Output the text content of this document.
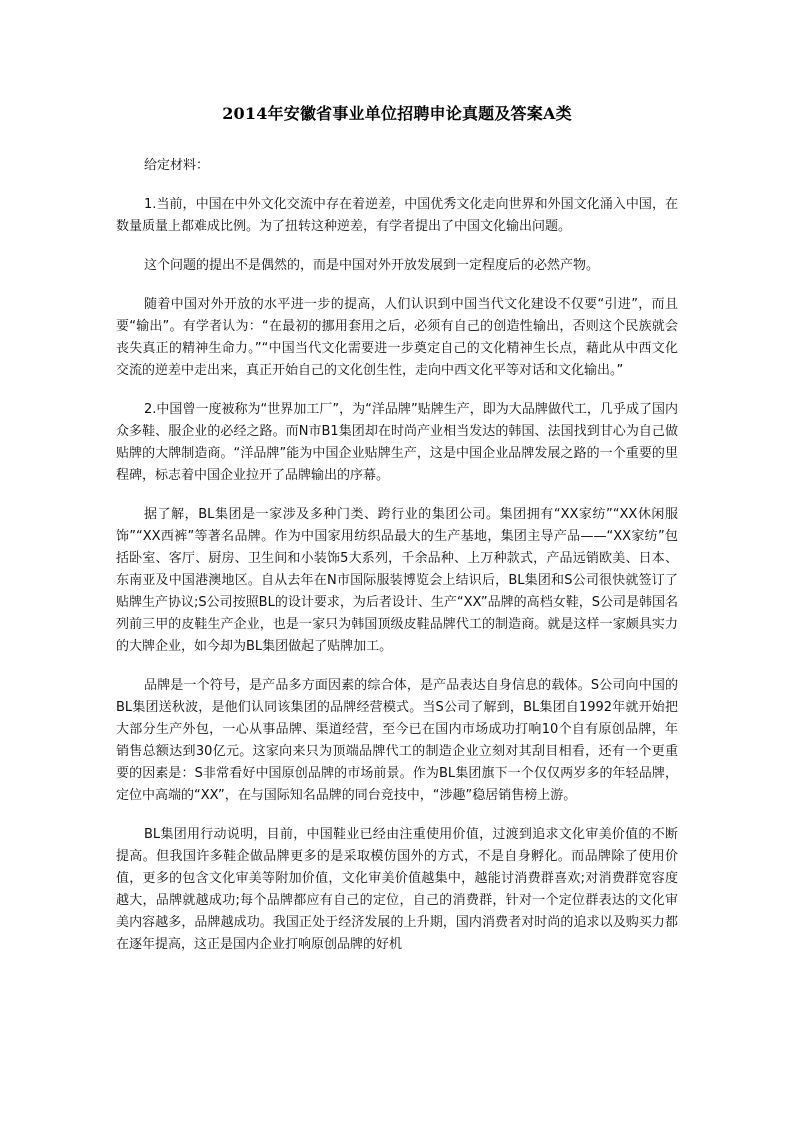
2014年安徽省事业单位招聘申论真题及答案A类

给定材料：

1.当前，中国在中外文化交流中存在着逆差，中国优秀文化走向世界和外国文化涌入中国，在数量质量上都难成比例。为了扭转这种逆差，有学者提出了中国文化输出问题。

这个问题的提出不是偶然的，而是中国对外开放发展到一定程度后的必然产物。

随着中国对外开放的水平进一步的提高，人们认识到中国当代文化建设不仅要“引进”，而且要“输出”。有学者认为：“在最初的挪用套用之后，必须有自己的创造性输出，否则这个民族就会丧失真正的精神生命力。”“中国当代文化需要进一步奠定自己的文化精神生长点，藉此从中西文化交流的逆差中走出来，真正开始自己的文化创生性，走向中西文化平等对话和文化输出。”

2.中国曾一度被称为“世界加工厂”，为“洋品牌”贴牌生产，即为大品牌做代工，几乎成了国内众多鞋、服企业的必经之路。而N市B1集团却在时尚产业相当发达的韩国、法国找到甘心为自己做贴牌的大牌制造商。“洋品牌”能为中国企业贴牌生产，这是中国企业品牌发展之路的一个重要的里程碑，标志着中国企业拉开了品牌输出的序幕。

据了解，BL集团是一家涉及多种门类、跨行业的集团公司。集团拥有“XX家纺”“XX休闲服饰”“XX西裤”等著名品牌。作为中国家用纺织品最大的生产基地，集团主导产品——“XX家纺”包括卧室、客厅、厨房、卫生间和小装饰5大系列，千余品种、上万种款式，产品远销欧美、日本、东南亚及中国港澳地区。自从去年在N市国际服装博览会上结识后，BL集团和S公司很快就签订了贴牌生产协议;S公司按照BL的设计要求，为后者设计、生产“XX”品牌的高档女鞋，S公司是韩国名列前三甲的皮鞋生产企业，也是一家只为韩国顶级皮鞋品牌代工的制造商。就是这样一家颇具实力的大牌企业，如今却为BL集团做起了贴牌加工。

品牌是一个符号，是产品多方面因素的综合体，是产品表达自身信息的载体。S公司向中国的BL集团送秋波，是他们认同该集团的品牌经营模式。当S公司了解到，BL集团自1992年就开始把大部分生产外包，一心从事品牌、渠道经营，至今已在国内市场成功打响10个自有原创品牌，年销售总额达到30亿元。这家向来只为顶端品牌代工的制造企业立刻对其刮目相看，还有一个更重要的因素是：S非常看好中国原创品牌的市场前景。作为BL集团旗下一个仅仅两岁多的年轻品牌，定位中高端的“XX”，在与国际知名品牌的同台竞技中，“涉趣”稳居销售榜上游。

BL集团用行动说明，目前，中国鞋业已经由注重使用价值，过渡到追求文化审美价值的不断提高。但我国许多鞋企做品牌更多的是采取模仿国外的方式，不是自身孵化。而品牌除了使用价值，更多的包含文化审美等附加价值，文化审美价值越集中，越能讨消费群喜欢;对消费群宽容度越大，品牌就越成功;每个品牌都应有自己的定位，自己的消费群，针对一个定位群表达的文化审美内容越多，品牌越成功。我国正处于经济发展的上升期，国内消费者对时尚的追求以及购买力都在逐年提高，这正是国内企业打响原创品牌的好机
